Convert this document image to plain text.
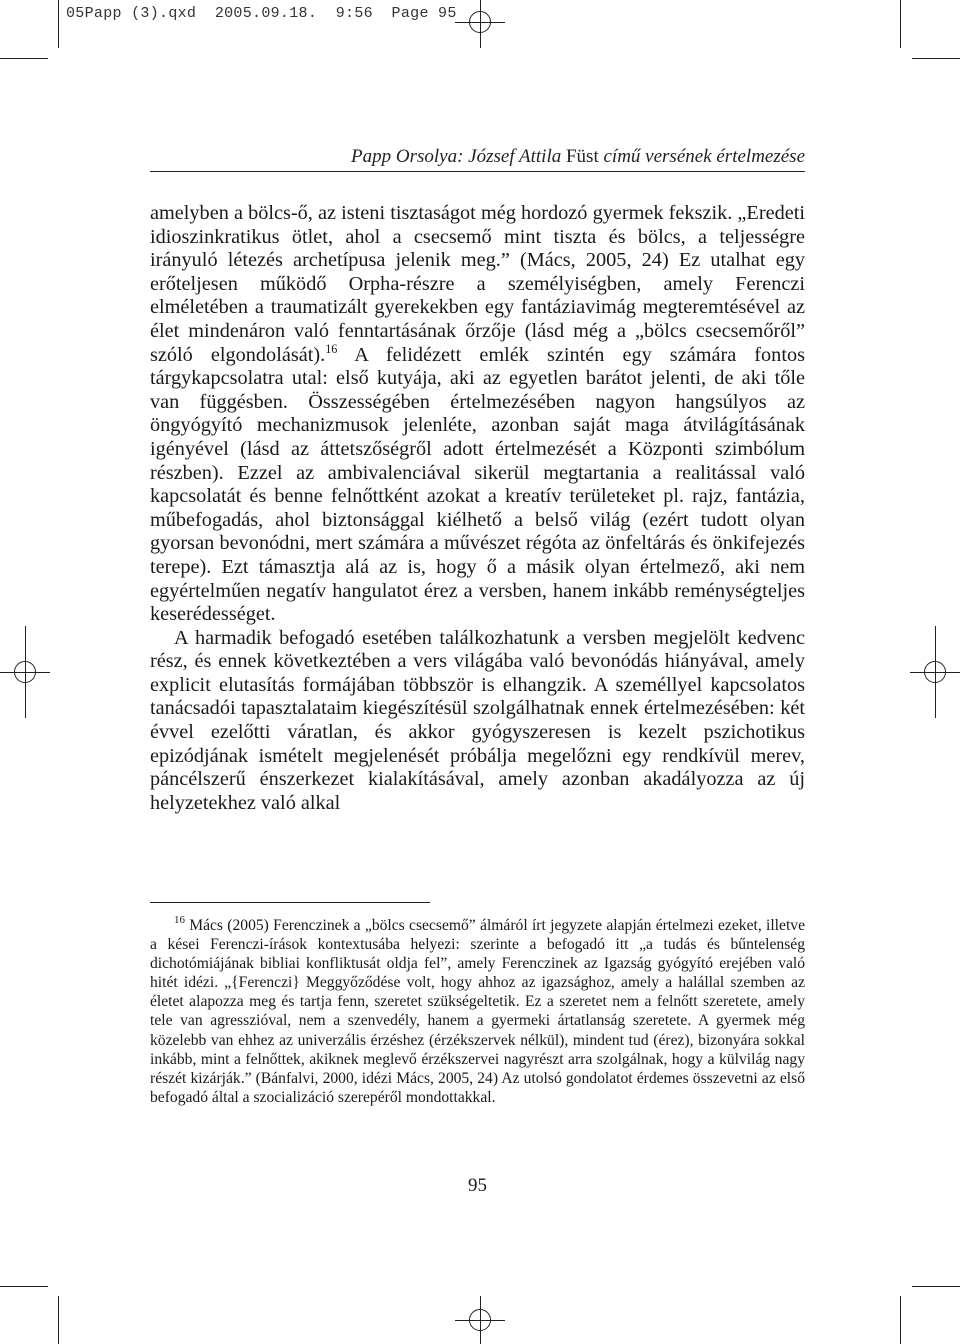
05Papp (3).qxd  2005.09.18.  9:56  Page 95
Papp Orsolya: József Attila Füst című versének értelmezése

amelyben a bölcs-ő, az isteni tisztaságot még hordozó gyermek fekszik. „Eredeti idioszinkratikus ötlet, ahol a csecsemő mint tiszta és bölcs, a teljességre irányuló létezés archetípusa jelenik meg.” (Mács, 2005, 24) Ez utalhat egy erőteljesen működő Orpha-részre a személyiségben, amely Ferenczi elméletében a traumatizált gyerekekben egy fantáziavimág megteremtésével az élet mindenáron való fenntartásának őrzője (lásd még a „bölcs csecsemőről” szóló elgondolását).$^{16}$ A felidézett emlék szintén egy számára fontos tárgykapcsolatra utal: első kutyája, aki az egyetlen barátot jelenti, de aki tőle van függésben. Összességében értelmezésében nagyon hangsúlyos az öngyógyító mechanizmusok jelenléte, azonban saját maga átvilágításának igényével (lásd az áttetszőségről adott értelmezését a Központi szimbólum részben). Ezzel az ambivalenciával sikerül megtartania a realitással való kapcsolatát és benne felnőttként azokat a kreatív területeket pl. rajz, fantázia, műbefogadás, ahol biztonsággal kiélhető a belső világ (ezért tudott olyan gyorsan bevonódni, mert számára a művészet régóta az önfeltárás és önkifejezés terepe). Ezt támasztja alá az is, hogy ő a másik olyan értelmező, aki nem egyértelműen negatív hangulatot érez a versben, hanem inkább reménységteljes keserédességet.

A harmadik befogadó esetében találkozhatunk a versben megjelölt kedvenc rész, és ennek következtében a vers világába való bevonódás hiányával, amely explicit elutasítás formájában többször is elhangzik. A személlyel kapcsolatos tanácsadói tapasztalataim kiegészítésül szolgálhatnak ennek értelmezésében: két évvel ezelőtti váratlan, és akkor gyógyszeresen is kezelt pszichotikus epizódjának ismételt megjelenését próbálja megelőzni egy rendkívül merev, páncélszerű énszerkezet kialakításával, amely azonban akadályozza az új helyzetekhez való alkal

$^{16}$ Mács (2005) Ferenczinek a „bölcs csecsemő” álmáról írt jegyzete alapján értelmezi ezeket, illetve a kései Ferenczi-írások kontextusába helyezi: szerinte a befogadó itt „a tudás és bűntelenség dichotómiájának bibliai konfliktusát oldja fel”, amely Ferenczinek az Igazság gyógyító erejében való hitét idézi. „{Ferenczi} Meggyőződése volt, hogy ahhoz az igazsághoz, amely a halállal szemben az életet alapozza meg és tartja fenn, szeretet szükségeltetik. Ez a szeretet nem a felnőtt szeretete, amely tele van agresszióval, nem a szenvedély, hanem a gyermeki ártatlanság szeretete. A gyermek még közelebb van ehhez az univerzális érzéshez (érzékszervek nélkül), mindent tud (érez), bizonyára sokkal inkább, mint a felnőttek, akiknek meglevő érzékszervei nagyrészt arra szolgálnak, hogy a külvilág nagy részét kizárják.” (Bánfalvi, 2000, idézi Mács, 2005, 24) Az utolsó gondolatot érdemes összevetni az első befogadó által a szocializáció szerepéről mondottakkal.

95
